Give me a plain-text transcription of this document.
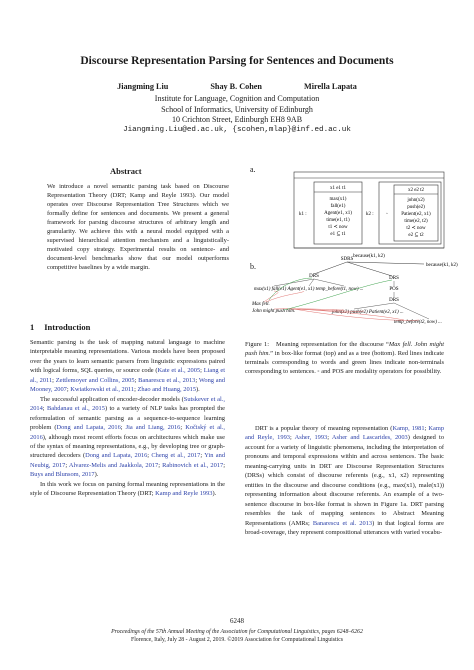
Discourse Representation Parsing for Sentences and Documents
Jiangming Liu	Shay B. Cohen	Mirella Lapata
Institute for Language, Cognition and Computation
School of Informatics, University of Edinburgh
10 Crichton Street, Edinburgh EH8 9AB
Jiangming.Liu@ed.ac.uk, {scohen,mlap}@inf.ed.ac.uk
Abstract
We introduce a novel semantic parsing task based on Discourse Representation Theory (DRT; Kamp and Reyle 1993). Our model operates over Discourse Representation Tree Structures which we formally define for sentences and documents. We present a general framework for parsing discourse structures of arbitrary length and granularity. We achieve this with a neural model equipped with a supervised hierarchical attention mechanism and a linguistically-motivated copy strategy. Experimental results on sentence- and document-level benchmarks show that our model outperforms competitive baselines by a wide margin.
1 Introduction

Semantic parsing is the task of mapping natural language to machine interpretable meaning representations. Various models have been proposed over the years to learn semantic parsers from linguistic expressions paired with logical forms, SQL queries, or source code (Kate et al., 2005; Liang et al., 2011; Zettlemoyer and Collins, 2005; Banarescu et al., 2013; Wong and Mooney, 2007; Kwiatkowski et al., 2011; Zhao and Huang, 2015).

The successful application of encoder-decoder models (Sutskever et al., 2014; Bahdanau et al., 2015) to a variety of NLP tasks has prompted the reformulation of semantic parsing as a sequence-to-sequence learning problem (Dong and Lapata, 2016; Jia and Liang, 2016; Kočiský et al., 2016), although most recent efforts focus on architectures which make use of the syntax of meaning representations, e.g., by developing tree or graph-structured decoders (Dong and Lapata, 2016; Cheng et al., 2017; Yin and Neubig, 2017; Alvarez-Melis and Jaakkola, 2017; Rabinovich et al., 2017; Buys and Blunsom, 2017).

In this work we focus on parsing formal meaning representations in the style of Discourse Representation Theory (DRT; Kamp and Reyle 1993).

a.
b.
k1 :
x1 e1 t1
max(x1)
fall(e1)
Agent(e1, x1)
time(e1, t1)
t1 ≺ now
e1 ⊆ t1
k2 : ◦
x2 e2 t2
john(x2)
push(e2)
Patient(e2, x1)
time(e2, t2)
t2 ≺ now
e2 ⊆ t2
because(k1, k2)
SDRS
because(k1, k2)
DRS	DRS
max(x1) fall(e1) Agent(e1, x1) temp_before(t1, now) ...	POS
DRS
john(x2) push(e2) Patient(e2, x1) ...
temp_before(t2, now) ...
Max fell.
John might push him.
Figure 1: Meaning representation for the discourse “Max fell. John might push him.” in box-like format (top) and as a tree (bottom). Red lines indicate terminals corresponding to words and green lines indicate non-terminals corresponding to sentences. ◦ and POS are modality operators for possibility.

DRT is a popular theory of meaning representation (Kamp, 1981; Kamp and Reyle, 1993; Asher, 1993; Asher and Lascarides, 2003) designed to account for a variety of linguistic phenomena, including the interpretation of pronouns and temporal expressions within and across sentences. The basic meaning-carrying units in DRT are Discourse Representation Structures (DRSs) which consist of discourse referents (e.g., x1, x2) representing entities in the discourse and discourse conditions (e.g., max(x1), male(x1)) representing information about discourse referents. An example of a two-sentence discourse in box-like format is shown in Figure 1a. DRT parsing resembles the task of mapping sentences to Abstract Meaning Representations (AMRs; Banarescu et al. 2013) in that logical forms are broad-coverage, they represent compositional utterances with varied vocabu-

6248
Proceedings of the 57th Annual Meeting of the Association for Computational Linguistics, pages 6248–6262
Florence, Italy, July 28 - August 2, 2019. ©2019 Association for Computational Linguistics
